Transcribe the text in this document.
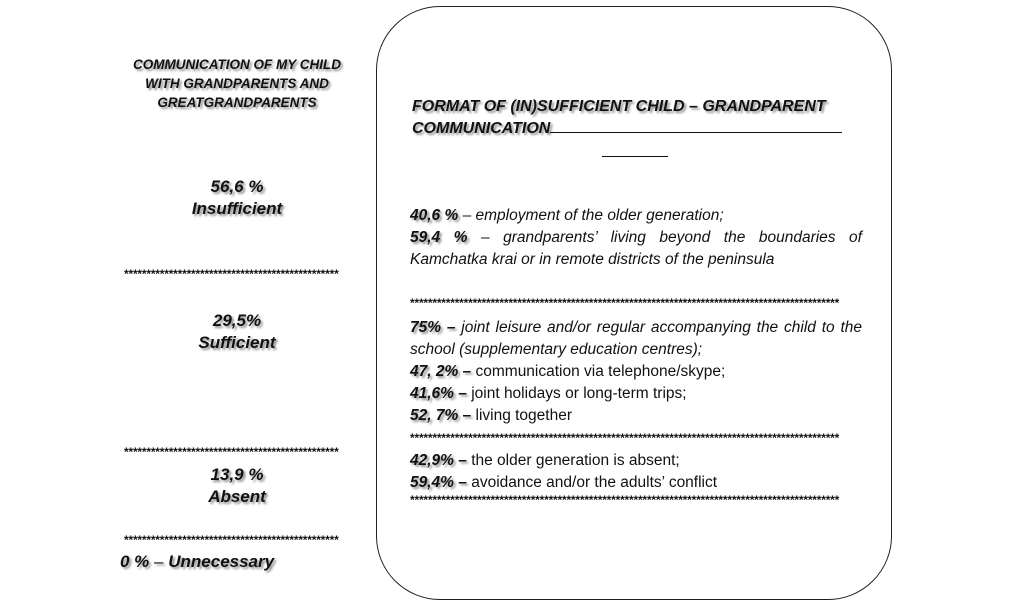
COMMUNICATION OF MY CHILD WITH GRANDPARENTS AND GREATGRANDPARENTS
56,6 %
Insufficient
************************************************
29,5%
Sufficient
************************************************
13,9 %
Absent
************************************************
0 % – Unnecessary
FORMAT OF (IN)SUFFICIENT CHILD – GRANDPARENT COMMUNICATION
40,6 % – employment of the older generation;
59,4 % – grandparents’ living beyond the boundaries of Kamchatka krai or in remote districts of the peninsula
************************************************************************************************
75% – joint leisure and/or regular accompanying the child to the school (supplementary education centres);
47, 2% – communication via telephone/skype;
41,6% – joint holidays or long-term trips;
52, 7% – living together
************************************************************************************************
42,9% – the older generation is absent;
59,4% – avoidance and/or the adults’ conflict
************************************************************************************************
